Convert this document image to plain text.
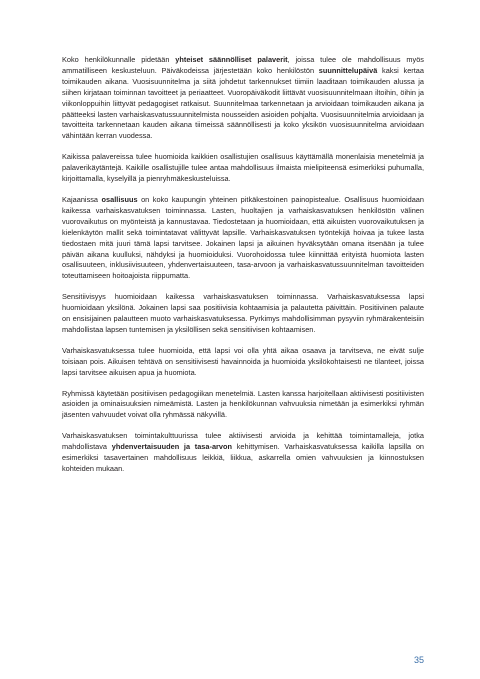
Koko henkilökunnalle pidetään yhteiset säännölliset palaverit, joissa tulee ole mahdollisuus myös ammatilliseen keskusteluun. Päiväkodeissa järjestetään koko henkilöstön suunnittelupäivä kaksi kertaa toimikauden aikana. Vuosisuunnitelma ja siitä johdetut tarkennukset tiimiin laaditaan toimikauden alussa ja siihen kirjataan toiminnan tavoitteet ja periaatteet. Vuoropäiväkodit liittävät vuosisuunnitelmaan iltoihin, öihin ja viikonloppuihin liittyvät pedagogiset ratkaisut. Suunnitelmaa tarkennetaan ja arvioidaan toimikauden aikana ja päätteeksi lasten varhaiskasvatussuunnitelmista nousseiden asioiden pohjalta. Vuosisuunnitelmia arvioidaan ja tavoitteita tarkennetaan kauden aikana tiimeissä säännöllisesti ja koko yksikön vuosisuunnitelma arvioidaan vähintään kerran vuodessa.

Kaikissa palavereissa tulee huomioida kaikkien osallistujien osallisuus käyttämällä monenlaisia menetelmiä ja palaverikäytäntejä. Kaikille osallistujille tulee antaa mahdollisuus ilmaista mielipiteensä esimerkiksi puhumalla, kirjoittamalla, kyselyillä ja pienryhmäkeskusteluissa.

Kajaanissa osallisuus on koko kaupungin yhteinen pitkäkestoinen painopistealue. Osallisuus huomioidaan kaikessa varhaiskasvatuksen toiminnassa. Lasten, huoltajien ja varhaiskasvatuksen henkilöstön välinen vuorovaikutus on myönteistä ja kannustavaa. Tiedostetaan ja huomioidaan, että aikuisten vuorovaikutuksen ja kielenkäytön mallit sekä toimintatavat välittyvät lapsille. Varhaiskasvatuksen työntekijä hoivaa ja tukee lasta tiedostaen mitä juuri tämä lapsi tarvitsee. Jokainen lapsi ja aikuinen hyväksytään omana itsenään ja tulee päivän aikana kuulluksi, nähdyksi ja huomioiduksi. Vuorohoidossa tulee kiinnittää erityistä huomiota lasten osallisuuteen, inklusiivisuuteen, yhdenvertaisuuteen, tasa-arvoon ja varhaiskasvatussuunnitelman tavoitteiden toteuttamiseen hoitoajoista riippumatta.

Sensitiivisyys huomioidaan kaikessa varhaiskasvatuksen toiminnassa. Varhaiskasvatuksessa lapsi huomioidaan yksilönä. Jokainen lapsi saa positiivisia kohtaamisia ja palautetta päivittäin. Positiivinen palaute on ensisijainen palautteen muoto varhaiskasvatuksessa. Pyrkimys mahdollisimman pysyviin ryhmärakenteisiin mahdollistaa lapsen tuntemisen ja yksilöllisen sekä sensitiivisen kohtaamisen.

Varhaiskasvatuksessa tulee huomioida, että lapsi voi olla yhtä aikaa osaava ja tarvitseva, ne eivät sulje toisiaan pois. Aikuisen tehtävä on sensitiivisesti havainnoida ja huomioida yksilökohtaisesti ne tilanteet, joissa lapsi tarvitsee aikuisen apua ja huomiota.

Ryhmissä käytetään positiivisen pedagogiikan menetelmiä. Lasten kanssa harjoitellaan aktiivisesti positiivisten asioiden ja ominaisuuksien nimeämistä. Lasten ja henkilökunnan vahvuuksia nimetään ja esimerkiksi ryhmän jäsenten vahvuudet voivat olla ryhmässä näkyvillä.

Varhaiskasvatuksen toimintakulttuurissa tulee aktiivisesti arvioida ja kehittää toimintamalleja, jotka mahdollistava yhdenvertaisuuden ja tasa-arvon kehittymisen. Varhaiskasvatuksessa kaikilla lapsilla on esimerkiksi tasavertainen mahdollisuus leikkiä, liikkua, askarrella omien vahvuuksien ja kiinnostuksen kohteiden mukaan.

35
